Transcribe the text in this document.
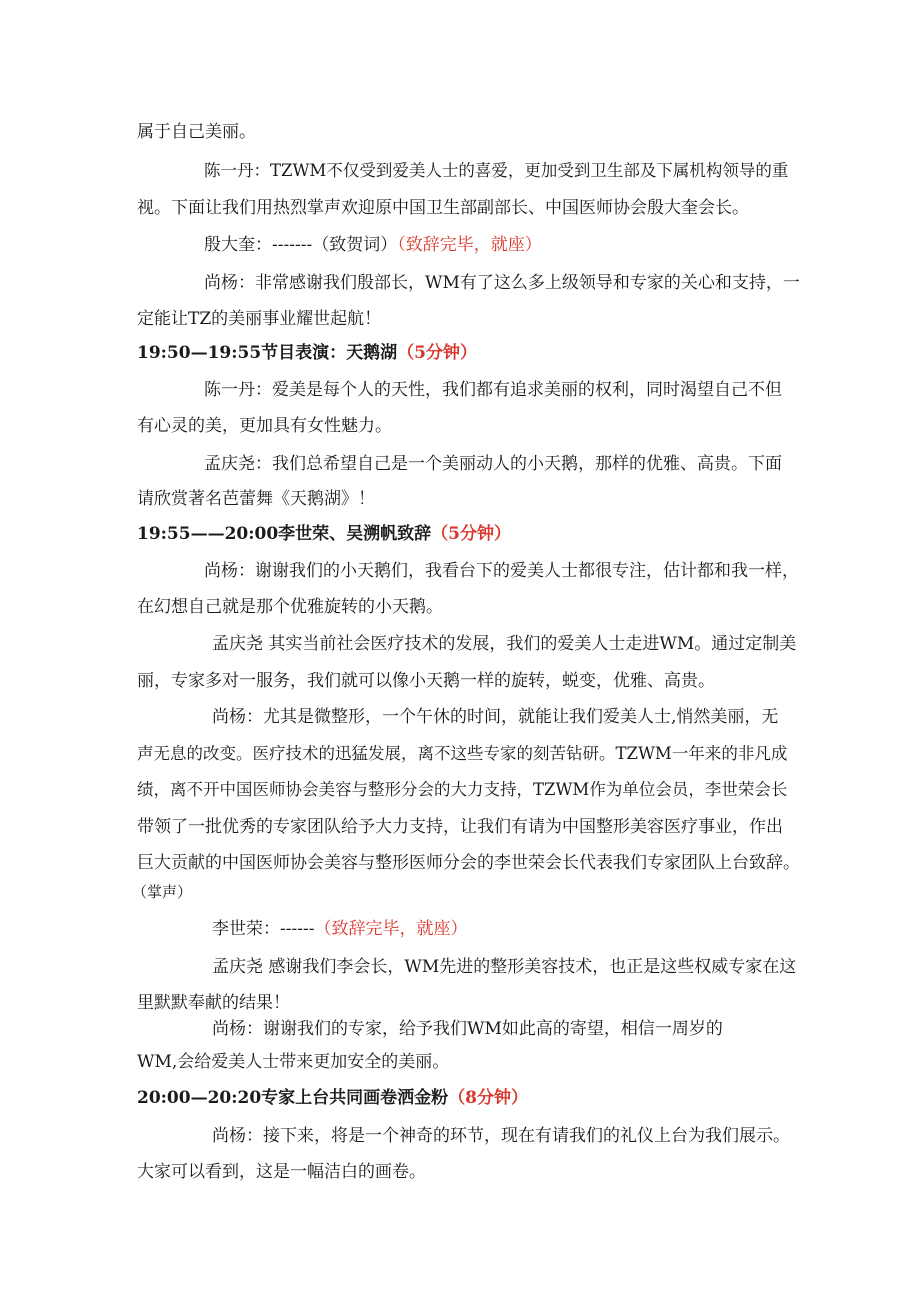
属于自己美丽。
陈一丹：TZWM不仅受到爱美人士的喜爱，更加受到卫生部及下属机构领导的重
视。下面让我们用热烈掌声欢迎原中国卫生部副部长、中国医师协会殷大奎会长。
殷大奎：-------（致贺词）（致辞完毕，就座）
尚杨：非常感谢我们殷部长，WM有了这么多上级领导和专家的关心和支持，一
定能让TZ的美丽事业耀世起航！
19:50—19:55节目表演：天鹅湖（5分钟）
陈一丹：爱美是每个人的天性，我们都有追求美丽的权利，同时渴望自己不但
有心灵的美，更加具有女性魅力。
孟庆尧：我们总希望自己是一个美丽动人的小天鹅，那样的优雅、高贵。下面
请欣赏著名芭蕾舞《天鹅湖》！
19:55——20:00李世荣、吴溯帆致辞（5分钟）
尚杨：谢谢我们的小天鹅们，我看台下的爱美人士都很专注，估计都和我一样，
在幻想自己就是那个优雅旋转的小天鹅。
孟庆尧 其实当前社会医疗技术的发展，我们的爱美人士走进WM。通过定制美
丽，专家多对一服务，我们就可以像小天鹅一样的旋转，蜕变，优雅、高贵。
尚杨：尤其是微整形，一个午休的时间，就能让我们爱美人士,悄然美丽，无
声无息的改变。医疗技术的迅猛发展，离不这些专家的刻苦钻研。TZWM一年来的非凡成
绩，离不开中国医师协会美容与整形分会的大力支持，TZWM作为单位会员，李世荣会长
带领了一批优秀的专家团队给予大力支持，让我们有请为中国整形美容医疗事业，作出
巨大贡献的中国医师协会美容与整形医师分会的李世荣会长代表我们专家团队上台致辞。
（掌声）
李世荣：------（致辞完毕，就座）
孟庆尧 感谢我们李会长，WM先进的整形美容技术，也正是这些权威专家在这
里默默奉献的结果！
尚杨：谢谢我们的专家，给予我们WM如此高的寄望，相信一周岁的
WM,会给爱美人士带来更加安全的美丽。
20:00—20:20专家上台共同画卷洒金粉（8分钟）
尚杨：接下来，将是一个神奇的环节，现在有请我们的礼仪上台为我们展示。
大家可以看到，这是一幅洁白的画卷。
